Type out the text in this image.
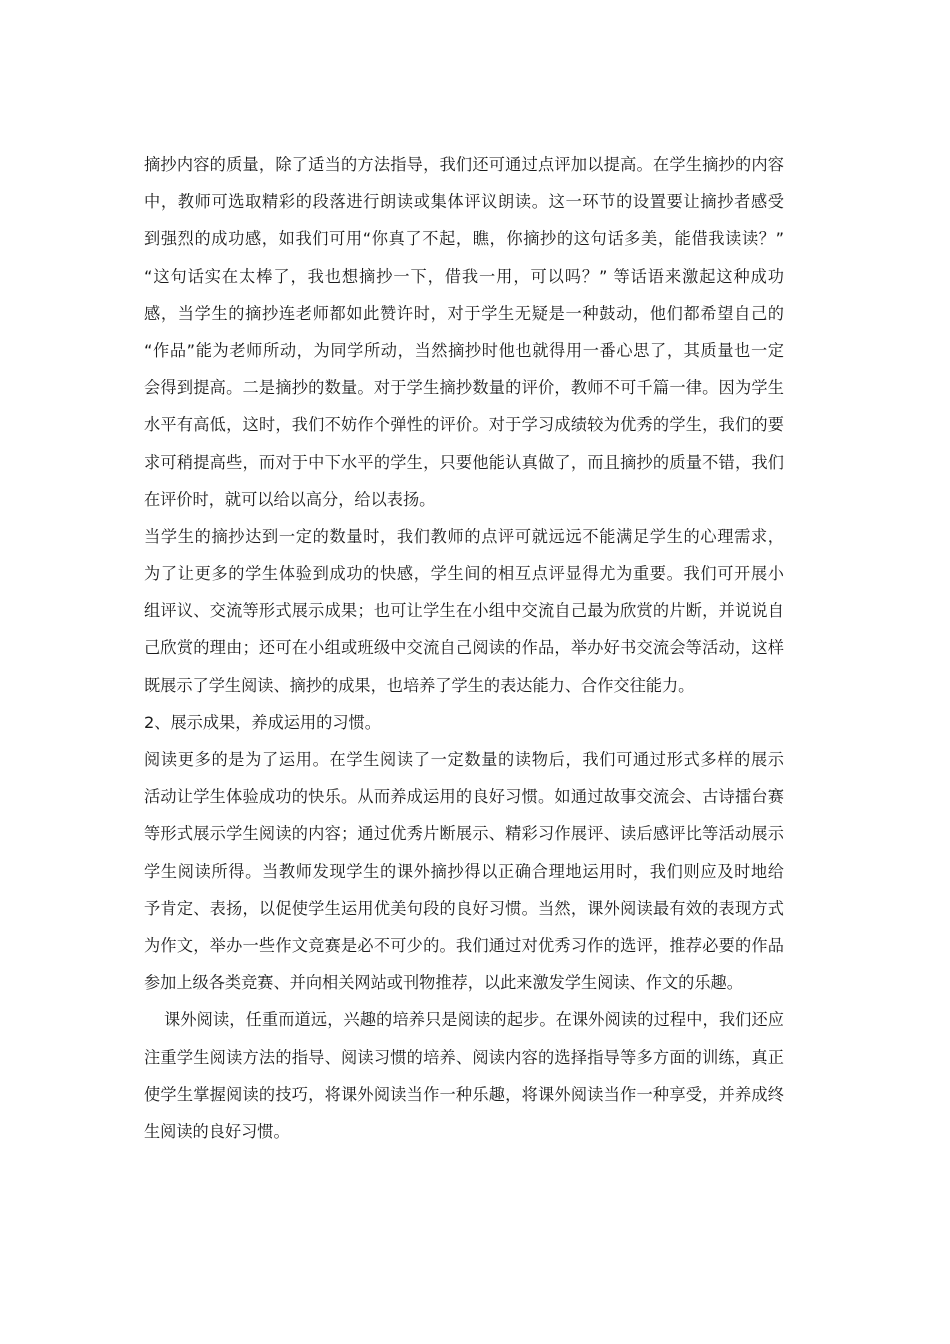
摘抄内容的质量，除了适当的方法指导，我们还可通过点评加以提高。在学生摘抄的内容
中，教师可选取精彩的段落进行朗读或集体评议朗读。这一环节的设置要让摘抄者感受
到强烈的成功感，如我们可用“你真了不起，瞧，你摘抄的这句话多美，能借我读读？”
“这句话实在太棒了，我也想摘抄一下，借我一用，可以吗？” 等话语来激起这种成功
感，当学生的摘抄连老师都如此赞许时，对于学生无疑是一种鼓动，他们都希望自己的
“作品”能为老师所动，为同学所动，当然摘抄时他也就得用一番心思了，其质量也一定
会得到提高。二是摘抄的数量。对于学生摘抄数量的评价，教师不可千篇一律。因为学生
水平有高低，这时，我们不妨作个弹性的评价。对于学习成绩较为优秀的学生，我们的要
求可稍提高些，而对于中下水平的学生，只要他能认真做了，而且摘抄的质量不错，我们
在评价时，就可以给以高分，给以表扬。
当学生的摘抄达到一定的数量时，我们教师的点评可就远远不能满足学生的心理需求，
为了让更多的学生体验到成功的快感，学生间的相互点评显得尤为重要。我们可开展小
组评议、交流等形式展示成果；也可让学生在小组中交流自己最为欣赏的片断，并说说自
己欣赏的理由；还可在小组或班级中交流自己阅读的作品，举办好书交流会等活动，这样
既展示了学生阅读、摘抄的成果，也培养了学生的表达能力、合作交往能力。
2、展示成果，养成运用的习惯。
阅读更多的是为了运用。在学生阅读了一定数量的读物后，我们可通过形式多样的展示
活动让学生体验成功的快乐。从而养成运用的良好习惯。如通过故事交流会、古诗擂台赛
等形式展示学生阅读的内容；通过优秀片断展示、精彩习作展评、读后感评比等活动展示
学生阅读所得。当教师发现学生的课外摘抄得以正确合理地运用时，我们则应及时地给
予肯定、表扬，以促使学生运用优美句段的良好习惯。当然，课外阅读最有效的表现方式
为作文，举办一些作文竞赛是必不可少的。我们通过对优秀习作的选评，推荐必要的作品
参加上级各类竞赛、并向相关网站或刊物推荐，以此来激发学生阅读、作文的乐趣。
课外阅读，任重而道远，兴趣的培养只是阅读的起步。在课外阅读的过程中，我们还应
注重学生阅读方法的指导、阅读习惯的培养、阅读内容的选择指导等多方面的训练，真正
使学生掌握阅读的技巧，将课外阅读当作一种乐趣，将课外阅读当作一种享受，并养成终
生阅读的良好习惯。
